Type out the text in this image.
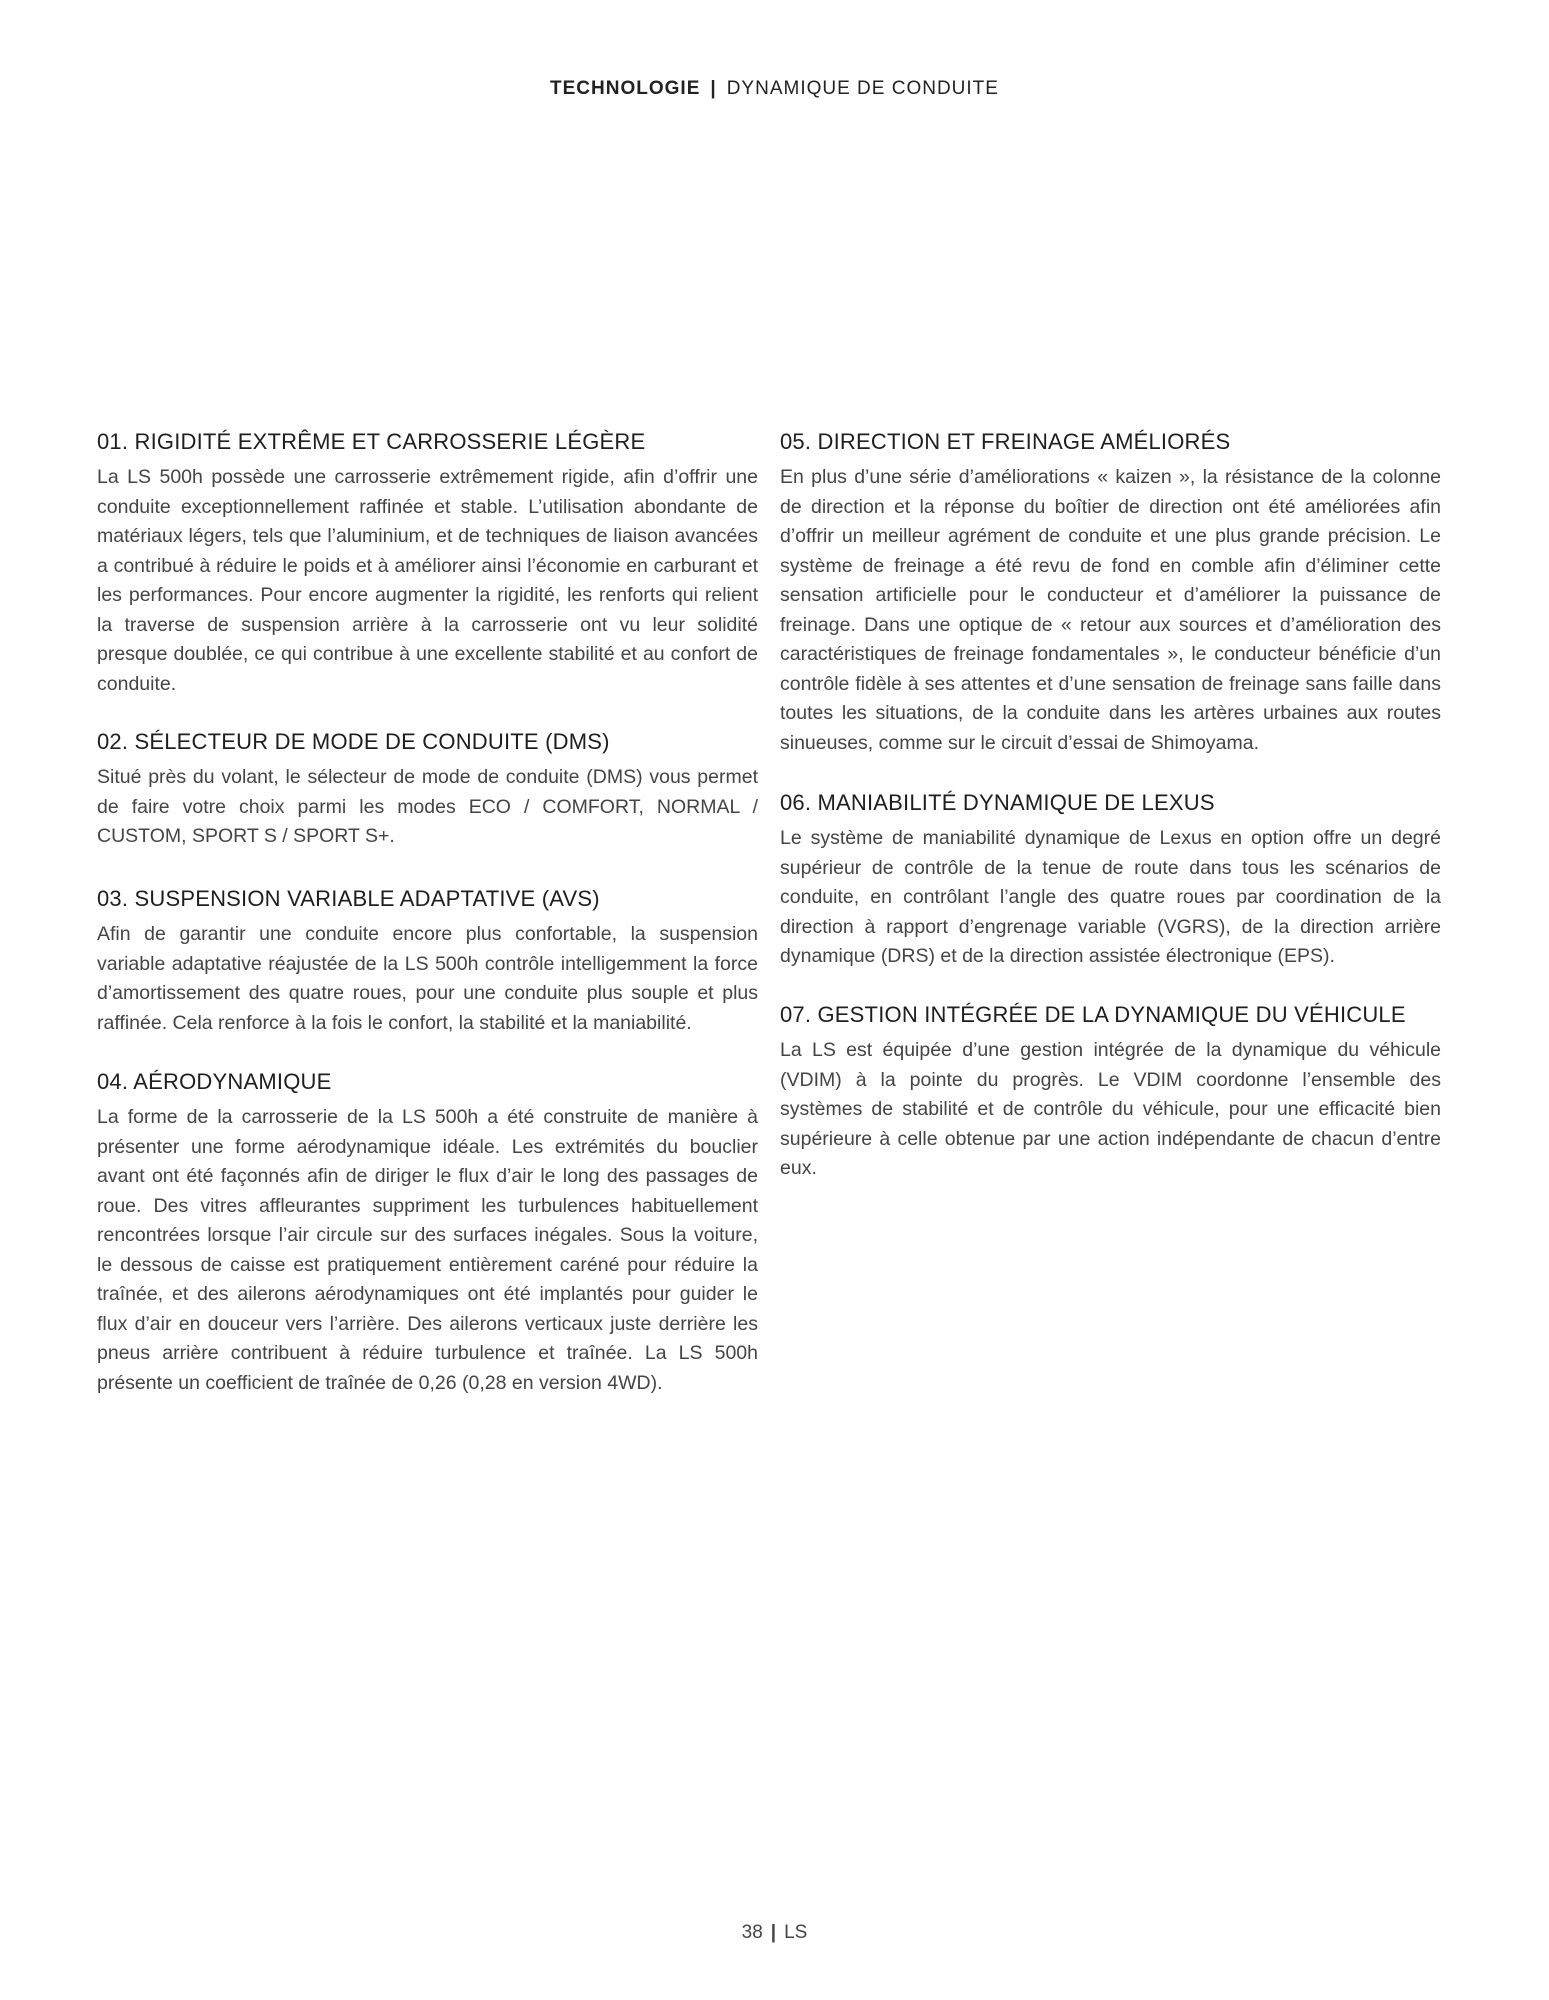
TECHNOLOGIE | DYNAMIQUE DE CONDUITE
01. RIGIDITÉ EXTRÊME ET CARROSSERIE LÉGÈRE

La LS 500h possède une carrosserie extrêmement rigide, afin d’offrir une conduite exceptionnellement raffinée et stable. L’utilisation abondante de matériaux légers, tels que l’aluminium, et de techniques de liaison avancées a contribué à réduire le poids et à améliorer ainsi l’économie en carburant et les performances. Pour encore augmenter la rigidité, les renforts qui relient la traverse de suspension arrière à la carrosserie ont vu leur solidité presque doublée, ce qui contribue à une excellente stabilité et au confort de conduite.

02. SÉLECTEUR DE MODE DE CONDUITE (DMS)

Situé près du volant, le sélecteur de mode de conduite (DMS) vous permet de faire votre choix parmi les modes ECO / COMFORT, NORMAL / CUSTOM, SPORT S / SPORT S+.

03. SUSPENSION VARIABLE ADAPTATIVE (AVS)

Afin de garantir une conduite encore plus confortable, la suspension variable adaptative réajustée de la LS 500h contrôle intelligemment la force d’amortissement des quatre roues, pour une conduite plus souple et plus raffinée. Cela renforce à la fois le confort, la stabilité et la maniabilité.

04. AÉRODYNAMIQUE

La forme de la carrosserie de la LS 500h a été construite de manière à présenter une forme aérodynamique idéale. Les extrémités du bouclier avant ont été façonnés afin de diriger le flux d’air le long des passages de roue. Des vitres affleurantes suppriment les turbulences habituellement rencontrées lorsque l’air circule sur des surfaces inégales. Sous la voiture, le dessous de caisse est pratiquement entièrement caréné pour réduire la traînée, et des ailerons aérodynamiques ont été implantés pour guider le flux d’air en douceur vers l’arrière. Des ailerons verticaux juste derrière les pneus arrière contribuent à réduire turbulence et traînée. La LS 500h présente un coefficient de traînée de 0,26 (0,28 en version 4WD).

05. DIRECTION ET FREINAGE AMÉLIORÉS

En plus d’une série d’améliorations « kaizen », la résistance de la colonne de direction et la réponse du boîtier de direction ont été améliorées afin d’offrir un meilleur agrément de conduite et une plus grande précision. Le système de freinage a été revu de fond en comble afin d’éliminer cette sensation artificielle pour le conducteur et d’améliorer la puissance de freinage. Dans une optique de « retour aux sources et d’amélioration des caractéristiques de freinage fondamentales », le conducteur bénéficie d’un contrôle fidèle à ses attentes et d’une sensation de freinage sans faille dans toutes les situations, de la conduite dans les artères urbaines aux routes sinueuses, comme sur le circuit d’essai de Shimoyama.

06. MANIABILITÉ DYNAMIQUE DE LEXUS

Le système de maniabilité dynamique de Lexus en option offre un degré supérieur de contrôle de la tenue de route dans tous les scénarios de conduite, en contrôlant l’angle des quatre roues par coordination de la direction à rapport d’engrenage variable (VGRS), de la direction arrière dynamique (DRS) et de la direction assistée électronique (EPS).

07. GESTION INTÉGRÉE DE LA DYNAMIQUE DU VÉHICULE

La LS est équipée d’une gestion intégrée de la dynamique du véhicule (VDIM) à la pointe du progrès. Le VDIM coordonne l’ensemble des systèmes de stabilité et de contrôle du véhicule, pour une efficacité bien supérieure à celle obtenue par une action indépendante de chacun d’entre eux.

38 | LS
